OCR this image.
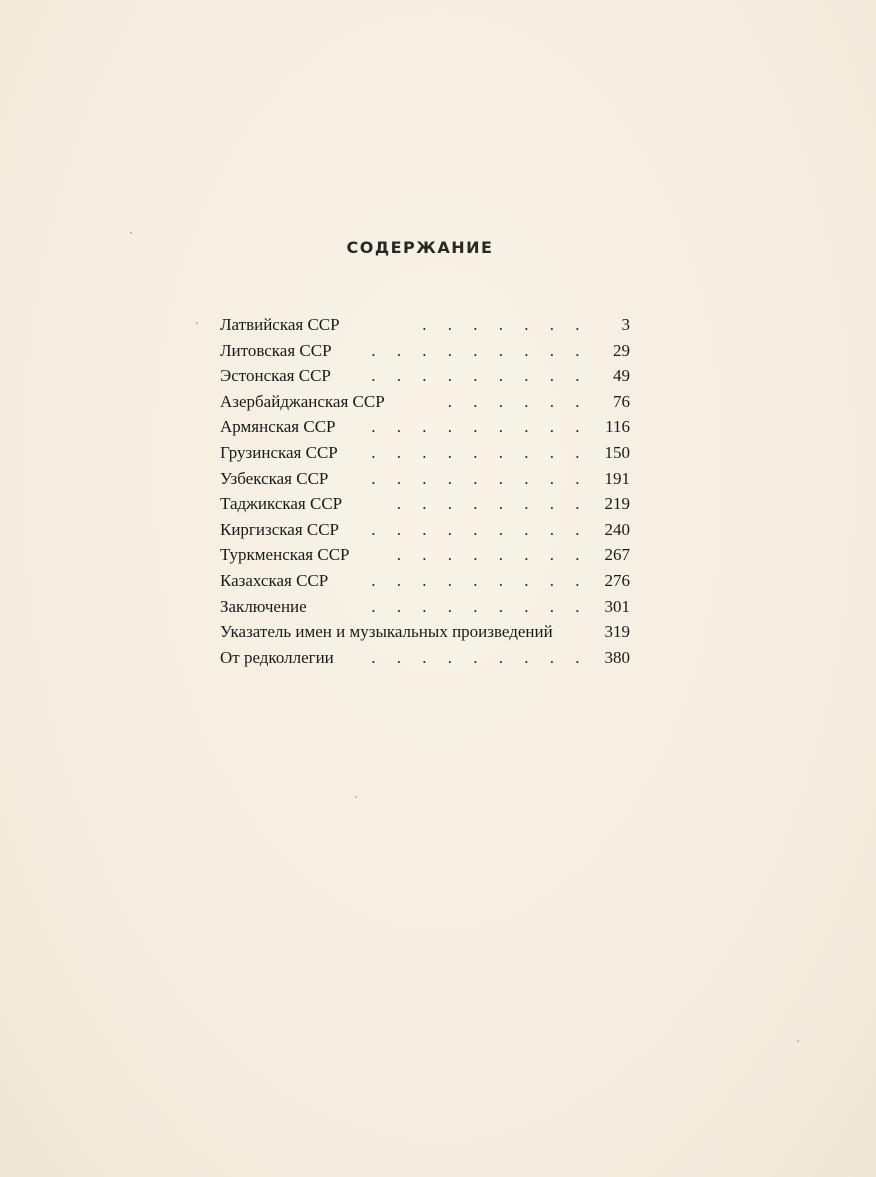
СОДЕРЖАНИЕ
Латвийская ССР	. . . . . . . 3
Литовская ССР . . . . . . . . . 29
Эстонская ССР . . . . . . . . . 49
Азербайджанская ССР	. . . . . . 76
Армянская ССР . . . . . . . . . 116
Грузинская ССР . . . . . . . . . 150
Узбекская ССР	. . . . . . . . . 191
Таджикская ССР	. . . . . . . . 219
Киргизская ССР . . . . . . . . . 240
Туркменская ССР	. . . . . . . . 267
Казахская ССР	. . . . . . . . . 276
Заключение	. . . . . . . . . 301
Указатель имен и музыкальных произведений	319
От редколлегии . . . . . . . . . 380
